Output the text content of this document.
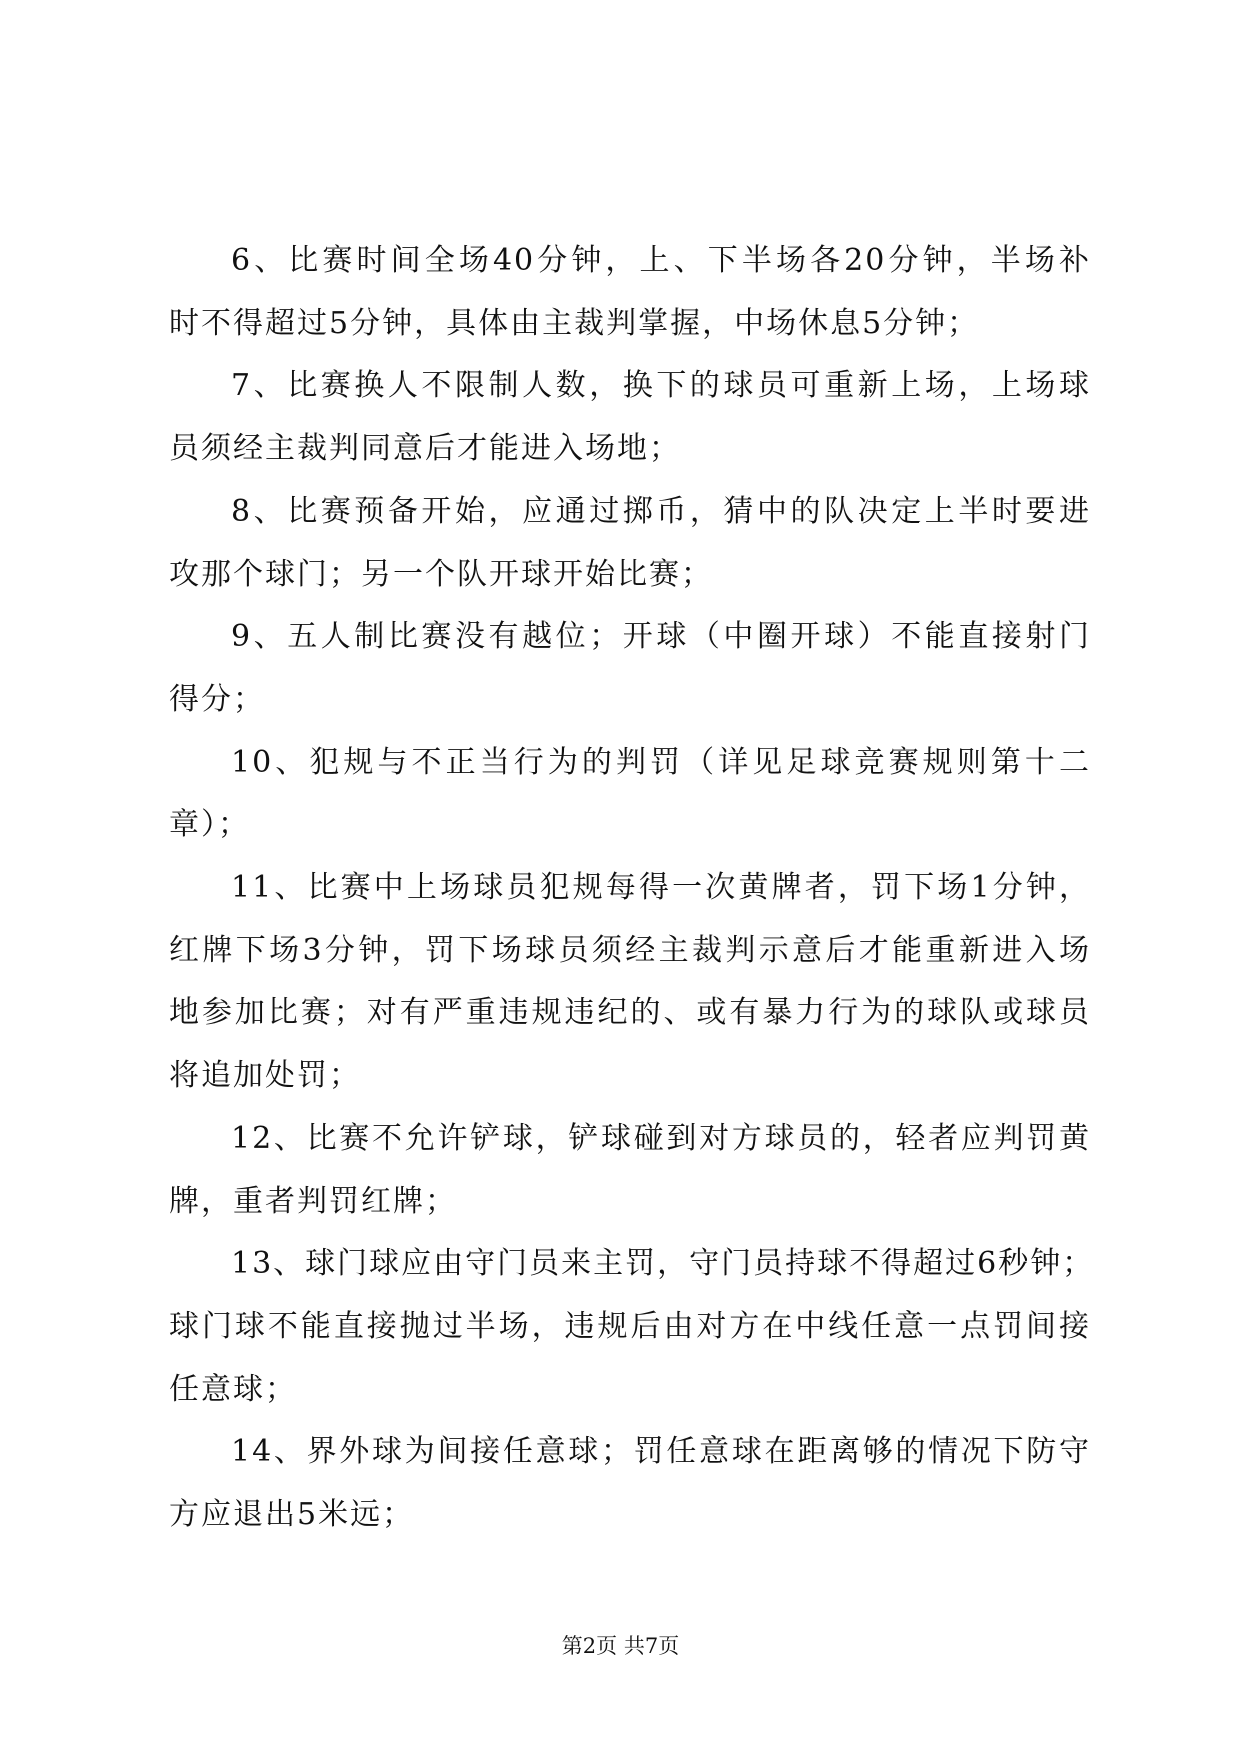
6、比赛时间全场40分钟，上、下半场各20分钟，半场补
时不得超过5分钟，具体由主裁判掌握，中场休息5分钟；
7、比赛换人不限制人数，换下的球员可重新上场，上场球
员须经主裁判同意后才能进入场地；
8、比赛预备开始，应通过掷币，猜中的队决定上半时要进
攻那个球门；另一个队开球开始比赛；
9、五人制比赛没有越位；开球（中圈开球）不能直接射门
得分；
10、犯规与不正当行为的判罚（详见足球竞赛规则第十二
章）；
11、比赛中上场球员犯规每得一次黄牌者，罚下场1分钟，
红牌下场3分钟，罚下场球员须经主裁判示意后才能重新进入场
地参加比赛；对有严重违规违纪的、或有暴力行为的球队或球员
将追加处罚；
12、比赛不允许铲球，铲球碰到对方球员的，轻者应判罚黄
牌，重者判罚红牌；
13、球门球应由守门员来主罚，守门员持球不得超过6秒钟；
球门球不能直接抛过半场，违规后由对方在中线任意一点罚间接
任意球；
14、界外球为间接任意球；罚任意球在距离够的情况下防守
方应退出5米远；
第2页 共7页
